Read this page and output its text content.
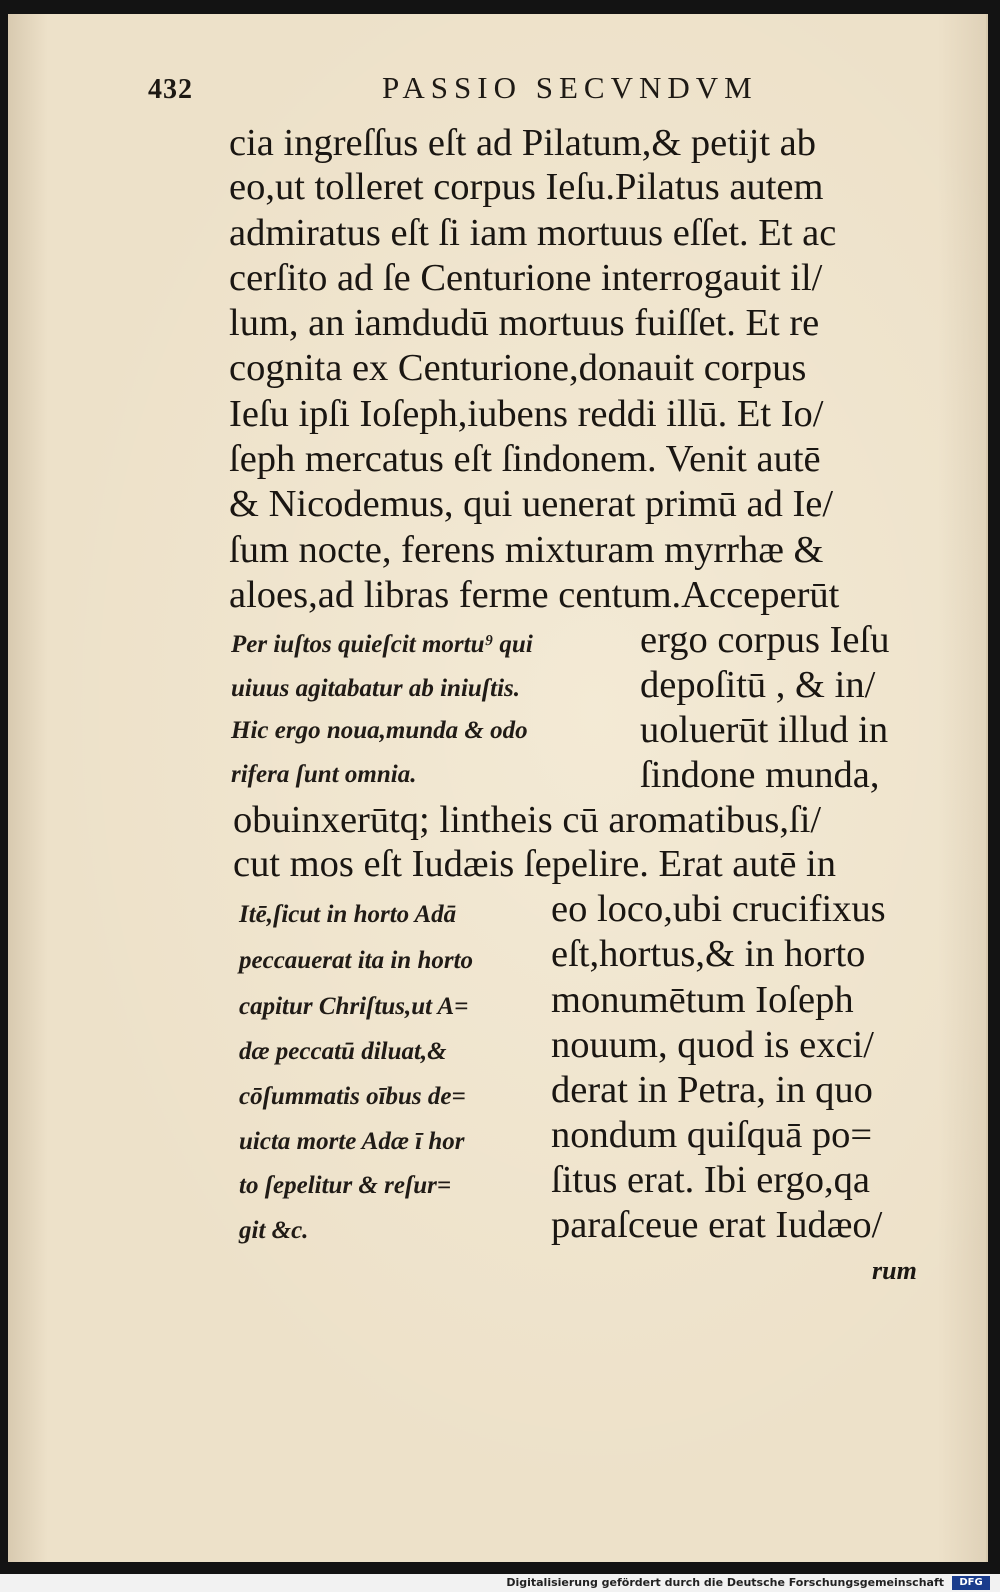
432	PASSIO SECVNDVM
cia ingreſſus eſt ad Pilatum,& petijt ab
eo,ut tolleret corpus Ieſu.Pilatus autem
admiratus eſt ſi iam mortuus eſſet. Et ac
cerſito ad ſe Centurione interrogauit il/
lum, an iamdudū mortuus fuiſſet. Et re
cognita ex Centurione,donauit corpus
Ieſu ipſi Ioſeph,iubens reddi illū. Et Io/
ſeph mercatus eſt ſindonem. Venit autē
& Nicodemus, qui uenerat primū ad Ie/
ſum nocte, ferens mixturam myrrhæ &
aloes,ad libras ferme centum.Acceperūt
ergo corpus Ieſu
depoſitū , & in/
uoluerūt illud in
ſindone munda,
obuinxerūtq; lintheis cū aromatibus,ſi/
cut mos eſt Iudæis ſepelire. Erat autē in
eo loco,ubi crucifixus
eſt,hortus,& in horto
monumētum Ioſeph
nouum, quod is exci/
derat in Petra, in quo
nondum quiſquā po=
ſitus erat. Ibi ergo,qa
paraſceue erat Iudæo/
Per iuſtos quieſcit mortu⁹ qui
uiuus agitabatur ab iniuſtis.
Hic ergo noua,munda & odo
rifera ſunt omnia.
Itē,ſicut in horto Adā
peccauerat ita in horto
capitur Chriſtus,ut A=
dæ peccatū diluat,&
cōſummatis oībus de=
uicta morte Adæ ī hor
to ſepelitur & reſur=
git &c.
rum
Digitalisierung gefördert durch die Deutsche Forschungsgemeinschaft	DFG
